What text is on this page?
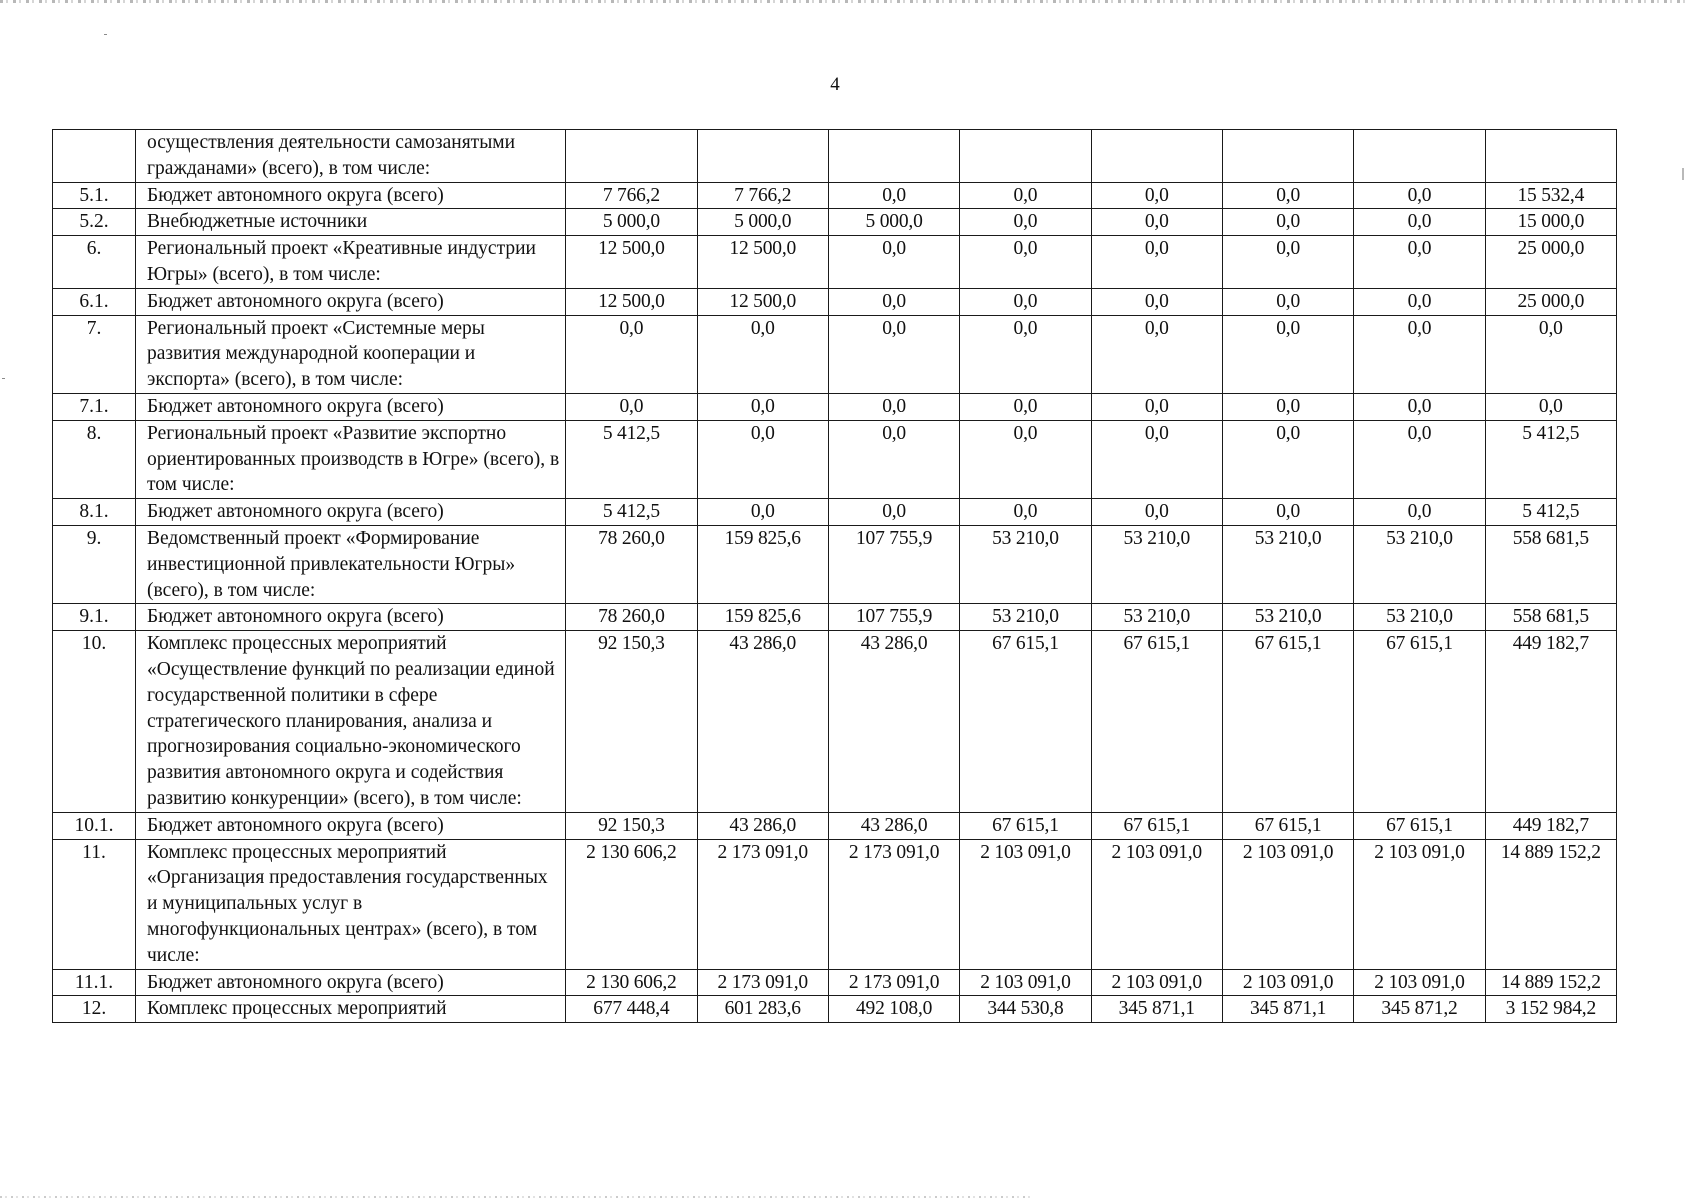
4
	осуществления деятельности самозанятыми гражданами» (всего), в том числе:								
5.1.	Бюджет автономного округа (всего)	7 766,2	7 766,2	0,0	0,0	0,0	0,0	0,0	15 532,4
5.2.	Внебюджетные источники	5 000,0	5 000,0	5 000,0	0,0	0,0	0,0	0,0	15 000,0
6.	Региональный проект «Креативные индустрии Югры» (всего), в том числе:	12 500,0	12 500,0	0,0	0,0	0,0	0,0	0,0	25 000,0
6.1.	Бюджет автономного округа (всего)	12 500,0	12 500,0	0,0	0,0	0,0	0,0	0,0	25 000,0
7.	Региональный проект «Системные меры развития международной кооперации и экспорта» (всего), в том числе:	0,0	0,0	0,0	0,0	0,0	0,0	0,0	0,0
7.1.	Бюджет автономного округа (всего)	0,0	0,0	0,0	0,0	0,0	0,0	0,0	0,0
8.	Региональный проект «Развитие экспортно ориентированных производств в Югре» (всего), в том числе:	5 412,5	0,0	0,0	0,0	0,0	0,0	0,0	5 412,5
8.1.	Бюджет автономного округа (всего)	5 412,5	0,0	0,0	0,0	0,0	0,0	0,0	5 412,5
9.	Ведомственный проект «Формирование инвестиционной привлекательности Югры» (всего), в том числе:	78 260,0	159 825,6	107 755,9	53 210,0	53 210,0	53 210,0	53 210,0	558 681,5
9.1.	Бюджет автономного округа (всего)	78 260,0	159 825,6	107 755,9	53 210,0	53 210,0	53 210,0	53 210,0	558 681,5
10.	Комплекс процессных мероприятий «Осуществление функций по реализации единой государственной политики в сфере стратегического планирования, анализа и прогнозирования социально-экономического развития автономного округа и содействия развитию конкуренции» (всего), в том числе:	92 150,3	43 286,0	43 286,0	67 615,1	67 615,1	67 615,1	67 615,1	449 182,7
10.1.	Бюджет автономного округа (всего)	92 150,3	43 286,0	43 286,0	67 615,1	67 615,1	67 615,1	67 615,1	449 182,7
11.	Комплекс процессных мероприятий «Организация предоставления государственных и муниципальных услуг в многофункциональных центрах» (всего), в том числе:	2 130 606,2	2 173 091,0	2 173 091,0	2 103 091,0	2 103 091,0	2 103 091,0	2 103 091,0	14 889 152,2
11.1.	Бюджет автономного округа (всего)	2 130 606,2	2 173 091,0	2 173 091,0	2 103 091,0	2 103 091,0	2 103 091,0	2 103 091,0	14 889 152,2
12.	Комплекс процессных мероприятий	677 448,4	601 283,6	492 108,0	344 530,8	345 871,1	345 871,1	345 871,2	3 152 984,2
